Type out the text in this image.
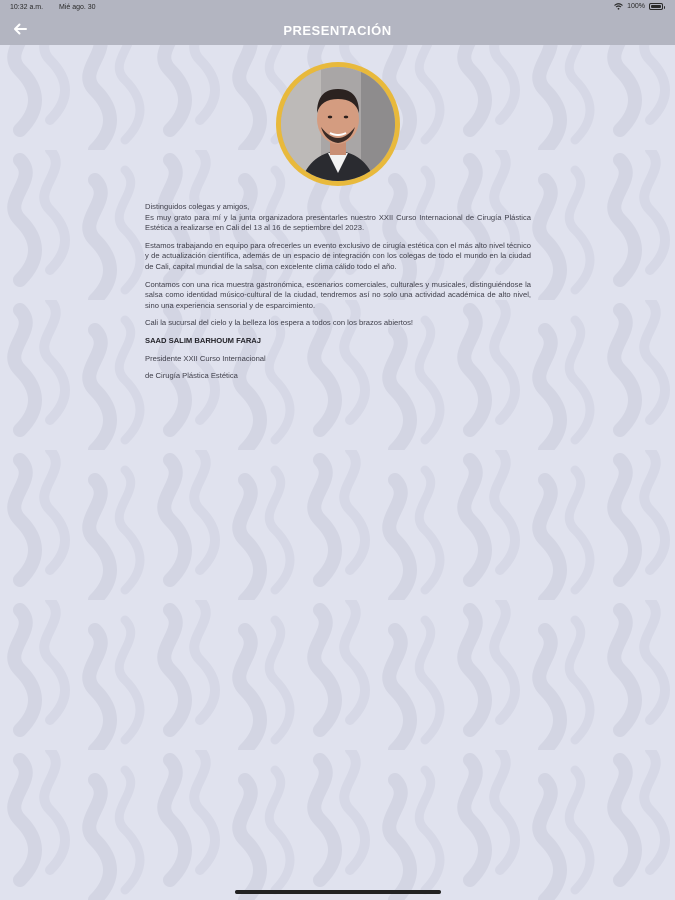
10:32 a.m. Mié ago. 30	100%
PRESENTACIÓN

Distinguidos colegas y amigos,

Es muy grato para mí y la junta organizadora presentarles nuestro XXII Curso Internacional de Cirugía Plástica Estética a realizarse en Cali del 13 al 16 de septiembre del 2023.

Estamos trabajando en equipo para ofrecerles un evento exclusivo de cirugía estética con el más alto nivel técnico y de actualización científica, además de un espacio de integración con los colegas de todo el mundo en la ciudad de Cali, capital mundial de la salsa, con excelente clima cálido todo el año.

Contamos con una rica muestra gastronómica, escenarios comerciales, culturales y musicales, distinguiéndose la salsa como identidad músico-cultural de la ciudad, tendremos así no solo una actividad académica de alto nivel, sino una experiencia sensorial y de esparcimiento.

Cali la sucursal del cielo y la belleza los espera a todos con los brazos abiertos!

SAAD SALIM BARHOUM FARAJ

Presidente XXII Curso Internacional

de Cirugía Plástica Estética
